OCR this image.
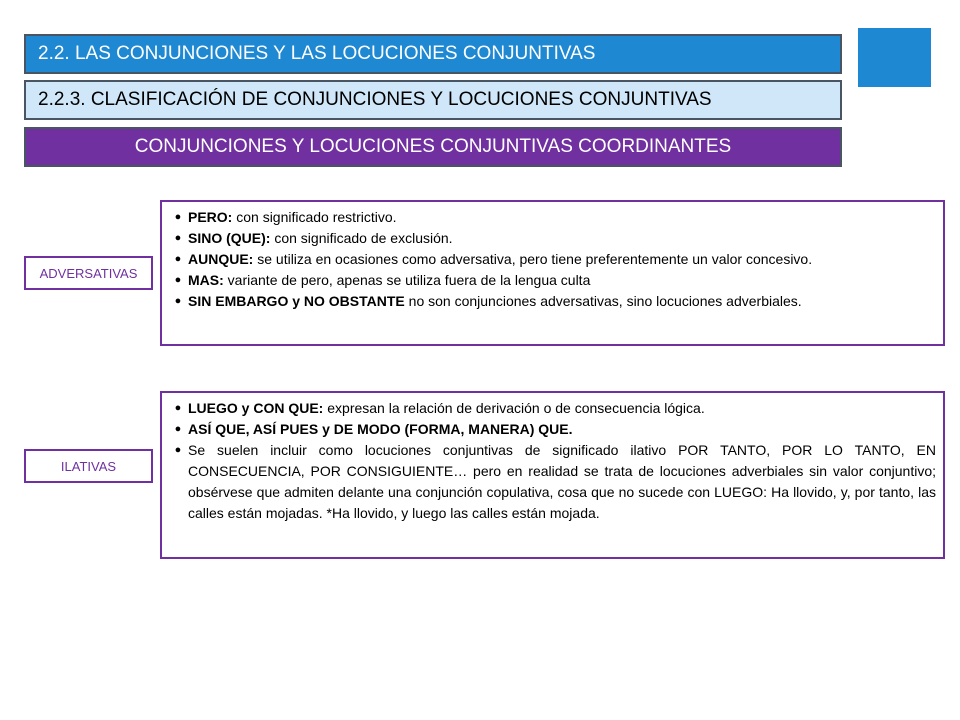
2.2. LAS CONJUNCIONES Y LAS LOCUCIONES CONJUNTIVAS
2.2.3. CLASIFICACIÓN DE CONJUNCIONES Y LOCUCIONES CONJUNTIVAS
CONJUNCIONES Y LOCUCIONES CONJUNTIVAS COORDINANTES
ADVERSATIVAS
● PERO: con significado restrictivo.
● SINO (QUE): con significado de exclusión.
● AUNQUE: se utiliza en ocasiones como adversativa, pero tiene preferentemente un valor concesivo.
● MAS: variante de pero, apenas se utiliza fuera de la lengua culta
● SIN EMBARGO y NO OBSTANTE no son conjunciones adversativas, sino locuciones adverbiales.
ILATIVAS
● LUEGO y CON QUE: expresan la relación de derivación o de consecuencia lógica.
● ASÍ QUE, ASÍ PUES y DE MODO (FORMA, MANERA) QUE.
● Se suelen incluir como locuciones conjuntivas de significado ilativo POR TANTO, POR LO TANTO, EN CONSECUENCIA, POR CONSIGUIENTE… pero en realidad se trata de locuciones adverbiales sin valor conjuntivo; obsérvese que admiten delante una conjunción copulativa, cosa que no sucede con LUEGO: Ha llovido, y, por tanto, las calles están mojadas. *Ha llovido, y luego las calles están mojada.
